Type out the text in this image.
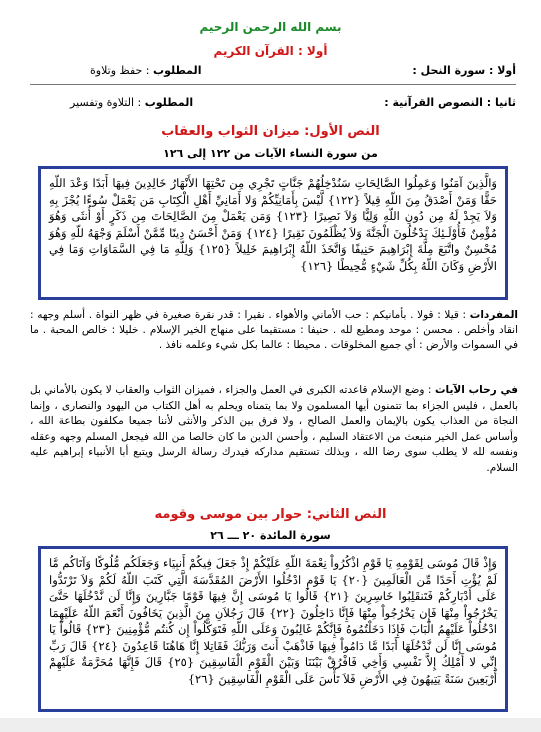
بسم الله الرحمن الرحيم
أولا : القرآن الكريم
أولا : سورة النحل :
المطلوب : حفظ وتلاوة
ثانيا : النصوص القرآنية :
المطلوب : التلاوة وتفسير
النص الأول: ميزان الثواب والعقاب
من سورة النساء الآيات من ١٢٢ إلى ١٢٦
وَالَّذِينَ آمَنُوا وَعَمِلُوا الصَّالِحَاتِ سَنُدْخِلُهُمْ جَنَّاتٍ تَجْرِي مِن تَحْتِهَا الأَنْهَارُ خَالِدِينَ فِيهَا أَبَدًا وَعْدَ اللّهِ حَقًّا وَمَنْ أَصْدَقُ مِنَ اللّهِ قِيلاً {١٢٢} لَّيْسَ بِأَمَانِيِّكُمْ وَلا أَمَانِيِّ أَهْلِ الْكِتَابِ مَن يَعْمَلْ سُوءًا يُجْزَ بِهِ وَلاَ يَجِدْ لَهُ مِن دُونِ اللّهِ وَلِيًّا وَلاَ نَصِيرًا {١٢٣} وَمَن يَعْمَلْ مِنَ الصَّالِحَاتَ مِن ذَكَرٍ أَوْ أُنثَى وَهُوَ مُؤْمِنٌ فَأُوْلَـئِكَ يَدْخُلُونَ الْجَنَّةَ وَلاَ يُظْلَمُونَ نَقِيرًا {١٢٤} وَمَنْ أَحْسَنُ دِينًا مِّمَّنْ أَسْلَمَ وَجْهَهُ للّهِ وَهُوَ مُحْسِنٌ واتَّبَعَ مِلَّةَ إِبْرَاهِيمَ حَنِيفًا وَاتَّخَذَ اللّهُ إِبْرَاهِيمَ خَلِيلاً {١٢٥} وَلِلّهِ مَا فِي السَّمَاوَاتِ وَمَا فِي الأَرْضِ وَكَانَ اللّهُ بِكُلِّ شَيْءٍ مُّحِيطًا {١٢٦}
المفردات : قيلا : قولا . بأمانيكم : حب الأماني والأهواء . نقيرا : قدر نقرة صغيرة في ظهر النواة . أسلم وجهه : انقاد وأخلص . محسن : موحد ومطيع لله . حنيفا : مستقيما على منهاج الخير الإسلام . خليلا : خالص المحبة . ما في السموات والأرض : أي جميع المخلوقات . محيطا : عالما بكل شيء وعلمه نافذ .
في رحاب الآيات : وضع الإسلام قاعدته الكبرى في العمل والجزاء ، فميزان الثواب والعقاب لا يكون بالأماني بل بالعمل ، فليس الجزاء بما تتمنون أيها المسلمون ولا بما يتمناه ويحلم به أهل الكتاب من اليهود والنصارى ، وإنما النجاة من العذاب يكون بالإيمان والعمل الصالح ، ولا فرق بين الذكر والأنثى لأننا جميعا مكلفون بطاعة الله ، وأساس عمل الخير منبعث من الاعتقاد السليم ، وأحسن الدين ما كان خالصا من الله فيجعل المسلم وجهه وعقله ونفسه لله لا يطلب سوى رضا الله ، وبذلك تستقيم مداركه فيدرك رسالة الرسل ويتبع أبا الأنبياء إبراهيم عليه السلام.
النص الثاني: حوار بين موسى وقومه
سورة المائدة ٢٠ ـــ ٢٦
وَإِذْ قَالَ مُوسَى لِقَوْمِهِ يَا قَوْمِ اذْكُرُواْ نِعْمَةَ اللّهِ عَلَيْكُمْ إِذْ جَعَلَ فِيكُمْ أَنبِيَاء وَجَعَلَكُم مُّلُوكًا وَآتَاكُم مَّا لَمْ يُؤْتِ أَحَدًا مِّن الْعَالَمِينَ {٢٠} يَا قَوْمِ ادْخُلُوا الأَرْضَ المُقَدَّسَةَ الَّتِي كَتَبَ اللّهُ لَكُمْ وَلاَ تَرْتَدُّوا عَلَى أَدْبَارِكُمْ فَتَنقَلِبُوا خَاسِرِينَ {٢١} قَالُوا يَا مُوسَى إِنَّ فِيهَا قَوْمًا جَبَّارِينَ وَإِنَّا لَن نَّدْخُلَهَا حَتَّىَ يَخْرُجُواْ مِنْهَا فَإِن يَخْرُجُواْ مِنْهَا فَإِنَّا دَاخِلُونَ {٢٢} قَالَ رَجُلاَنِ مِنَ الَّذِينَ يَخَافُونَ أَنْعَمَ اللّهُ عَلَيْهِمَا ادْخُلُواْ عَلَيْهِمُ الْبَابَ فَإِذَا دَخَلْتُمُوهُ فَإِنَّكُمْ غَالِبُونَ وَعَلَى اللّهِ فَتَوَكَّلُواْ إِن كُنتُم مُّؤْمِنِينَ {٢٣} قَالُواْ يَا مُوسَى إِنَّا لَن نَّدْخُلَهَا أَبَدًا مَّا دَامُواْ فِيهَا فَاذْهَبْ أَنتَ وَرَبُّكَ فَقَاتِلا إِنَّا هَاهُنَا قَاعِدُونَ {٢٤} قَالَ رَبِّ إِنِّي لا أَمْلِكُ إِلاَّ نَفْسِي وَأَخِي فَافْرُقْ بَيْنَنَا وَبَيْنَ الْقَوْمِ الْفَاسِقِينَ {٢٥} قَالَ فَإِنَّهَا مُحَرَّمَةٌ عَلَيْهِمْ أَرْبَعِينَ سَنَةً يَتِيهُونَ فِي الأَرْضِ فَلاَ تَأْسَ عَلَى الْقَوْمِ الْفَاسِقِينَ {٢٦}
